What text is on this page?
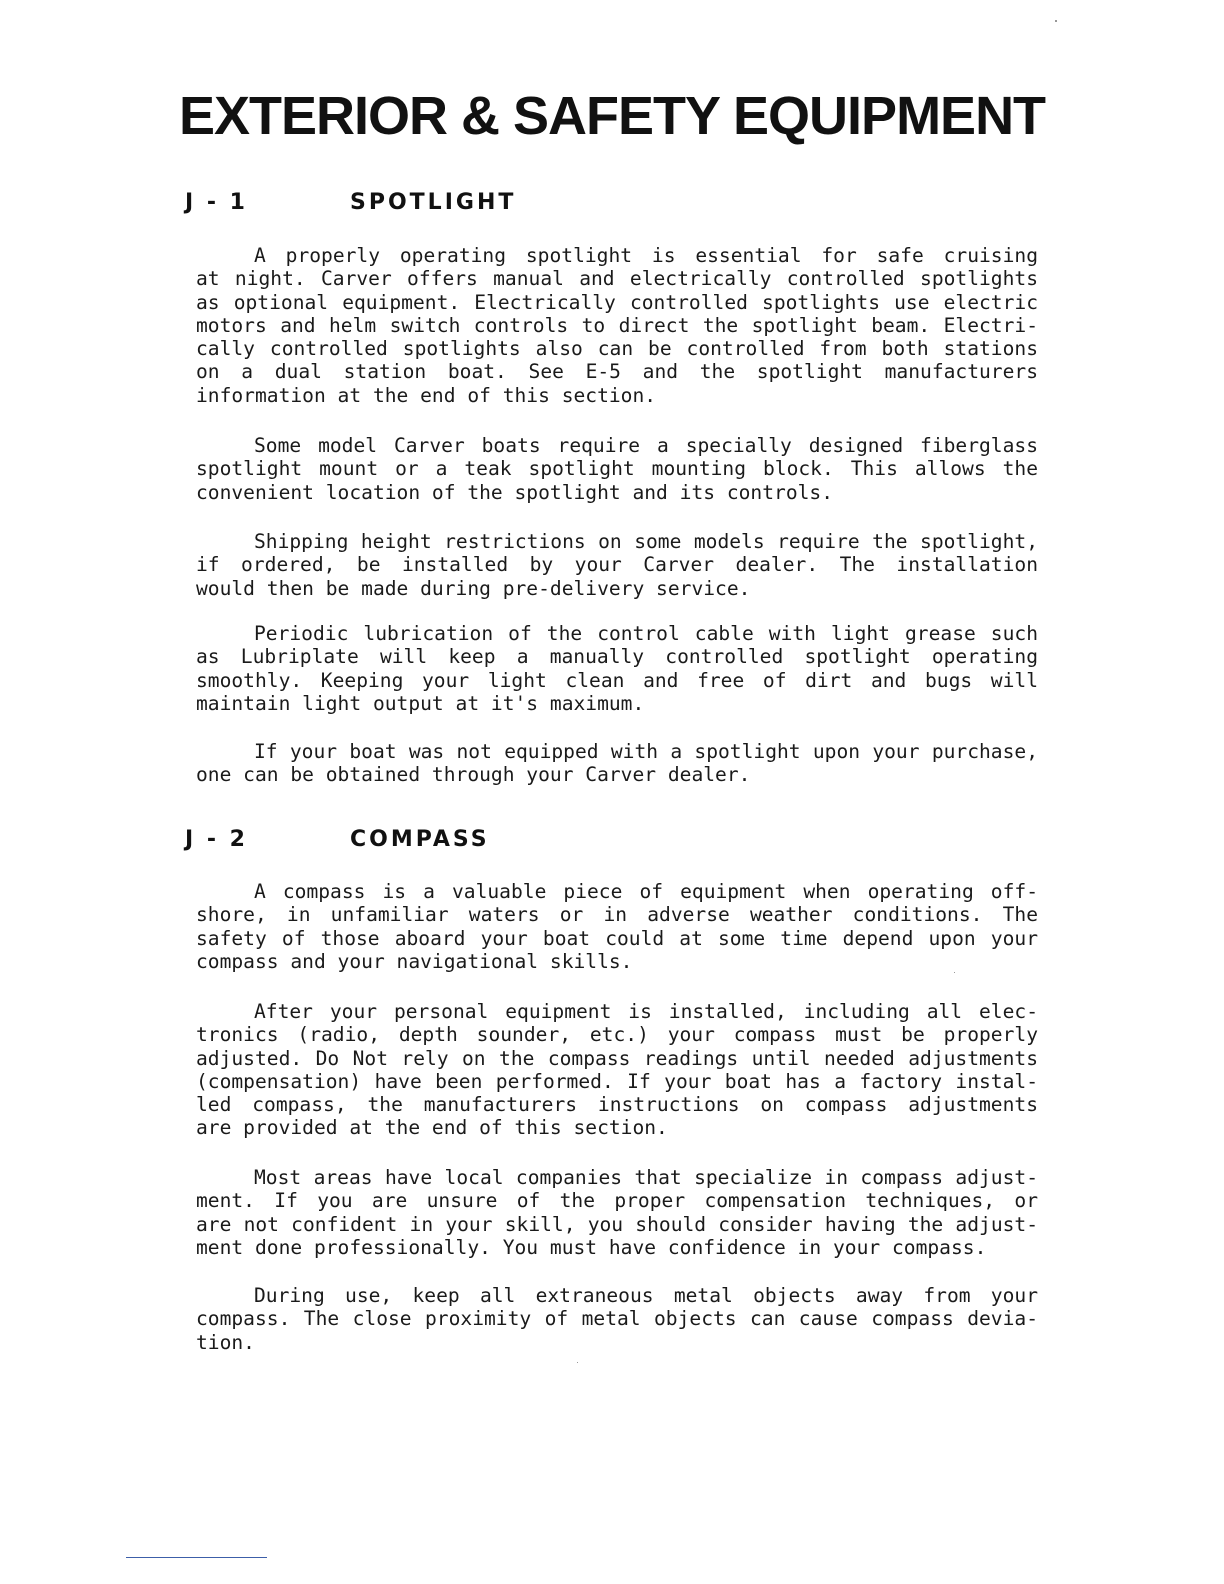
EXTERIOR & SAFETY EQUIPMENT
J - 1	SPOTLIGHT
A properly operating spotlight is essential for safe cruising
at night. Carver offers manual and electrically controlled spotlights
as optional equipment. Electrically controlled spotlights use electric
motors and helm switch controls to direct the spotlight beam. Electri-
cally controlled spotlights also can be controlled from both stations
on a dual station boat. See E-5 and the spotlight manufacturers
information at the end of this section.
Some model Carver boats require a specially designed fiberglass
spotlight mount or a teak spotlight mounting block. This allows the
convenient location of the spotlight and its controls.
Shipping height restrictions on some models require the spotlight,
if ordered, be installed by your Carver dealer. The installation
would then be made during pre-delivery service.
Periodic lubrication of the control cable with light grease such
as Lubriplate will keep a manually controlled spotlight operating
smoothly. Keeping your light clean and free of dirt and bugs will
maintain light output at it's maximum.
If your boat was not equipped with a spotlight upon your purchase,
one can be obtained through your Carver dealer.
J - 2	COMPASS
A compass is a valuable piece of equipment when operating off-
shore, in unfamiliar waters or in adverse weather conditions. The
safety of those aboard your boat could at some time depend upon your
compass and your navigational skills.
After your personal equipment is installed, including all elec-
tronics (radio, depth sounder, etc.) your compass must be properly
adjusted. Do Not rely on the compass readings until needed adjustments
(compensation) have been performed. If your boat has a factory instal-
led compass, the manufacturers instructions on compass adjustments
are provided at the end of this section.
Most areas have local companies that specialize in compass adjust-
ment. If you are unsure of the proper compensation techniques, or
are not confident in your skill, you should consider having the adjust-
ment done professionally. You must have confidence in your compass.
During use, keep all extraneous metal objects away from your
compass. The close proximity of metal objects can cause compass devia-
tion.
